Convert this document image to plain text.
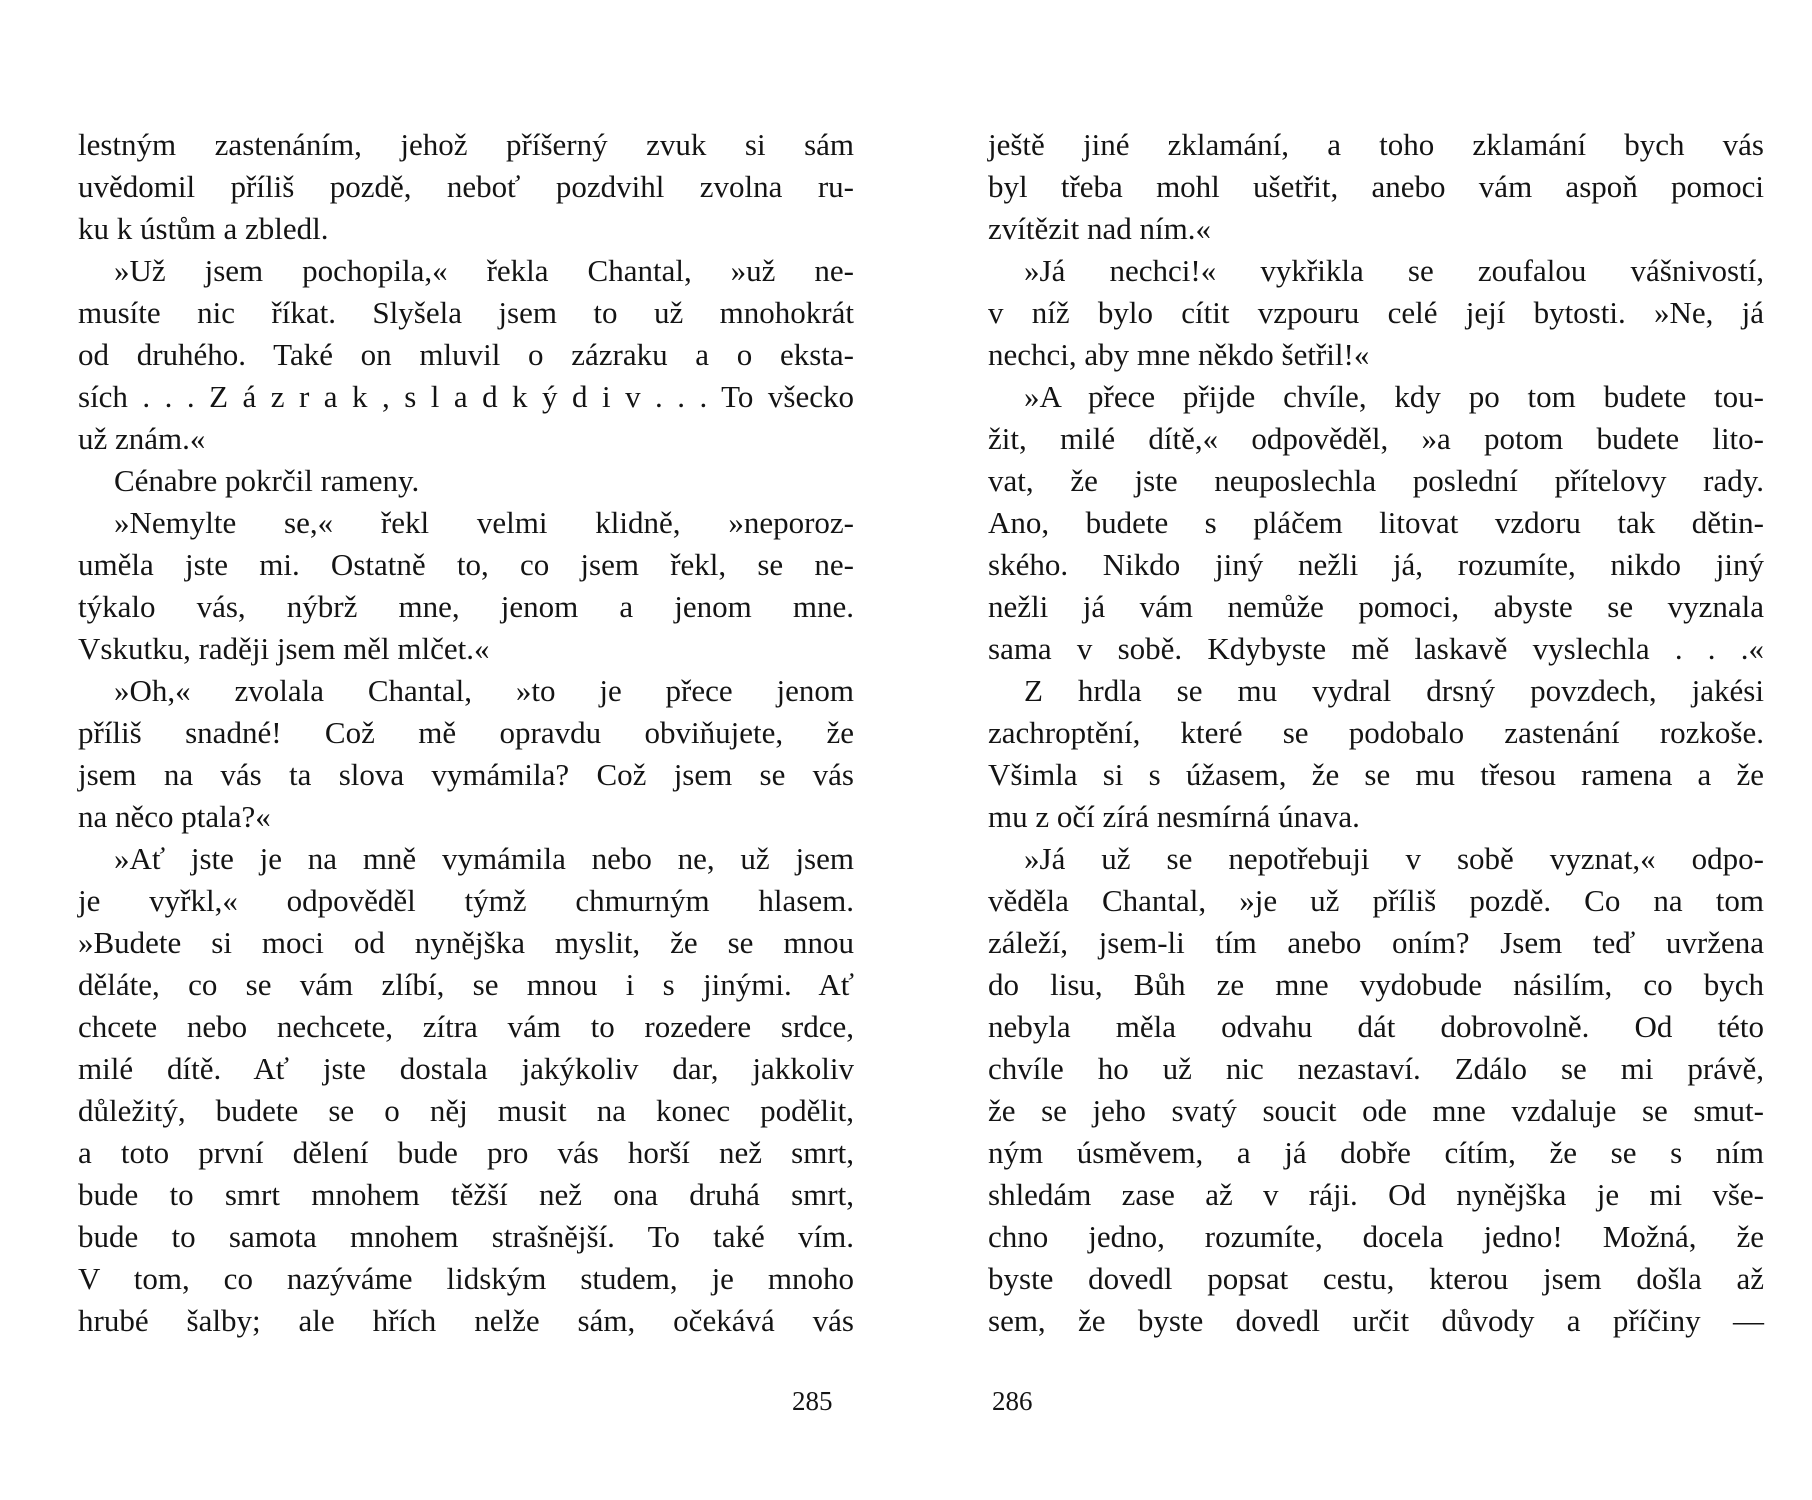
lestným zastenáním, jehož příšerný zvuk si sám
uvědomil příliš pozdě, neboť pozdvihl zvolna ru-
ku k ústům a zbledl.
»Už jsem pochopila,« řekla Chantal, »už ne-
musíte nic říkat. Slyšela jsem to už mnohokrát
od druhého. Také on mluvil o zázraku a o eksta-
sích . . . Z á z r a k , s l a d k ý d i v . . . To všecko
už znám.«
Cénabre pokrčil rameny.
»Nemylte se,« řekl velmi klidně, »neporoz-
uměla jste mi. Ostatně to, co jsem řekl, se ne-
týkalo vás, nýbrž mne, jenom a jenom mne.
Vskutku, raději jsem měl mlčet.«
»Oh,« zvolala Chantal, »to je přece jenom
příliš snadné! Což mě opravdu obviňujete, že
jsem na vás ta slova vymámila? Což jsem se vás
na něco ptala?«
»Ať jste je na mně vymámila nebo ne, už jsem
je vyřkl,« odpověděl týmž chmurným hlasem.
»Budete si moci od nynějška myslit, že se mnou
děláte, co se vám zlíbí, se mnou i s jinými. Ať
chcete nebo nechcete, zítra vám to rozedere srdce,
milé dítě. Ať jste dostala jakýkoliv dar, jakkoliv
důležitý, budete se o něj musit na konec podělit,
a toto první dělení bude pro vás horší než smrt,
bude to smrt mnohem těžší než ona druhá smrt,
bude to samota mnohem strašnější. To také vím.
V tom, co nazýváme lidským studem, je mnoho
hrubé šalby; ale hřích nelže sám, očekává vás
ještě jiné zklamání, a toho zklamání bych vás
byl třeba mohl ušetřit, anebo vám aspoň pomoci
zvítězit nad ním.«
»Já nechci!« vykřikla se zoufalou vášnivostí,
v níž bylo cítit vzpouru celé její bytosti. »Ne, já
nechci, aby mne někdo šetřil!«
»A přece přijde chvíle, kdy po tom budete tou-
žit, milé dítě,« odpověděl, »a potom budete lito-
vat, že jste neuposlechla poslední přítelovy rady.
Ano, budete s pláčem litovat vzdoru tak dětin-
ského. Nikdo jiný nežli já, rozumíte, nikdo jiný
nežli já vám nemůže pomoci, abyste se vyznala
sama v sobě. Kdybyste mě laskavě vyslechla . . .«
Z hrdla se mu vydral drsný povzdech, jakési
zachroptění, které se podobalo zastenání rozkoše.
Všimla si s úžasem, že se mu třesou ramena a že
mu z očí zírá nesmírná únava.
»Já už se nepotřebuji v sobě vyznat,« odpo-
věděla Chantal, »je už příliš pozdě. Co na tom
záleží, jsem-li tím anebo oním? Jsem teď uvržena
do lisu, Bůh ze mne vydobude násilím, co bych
nebyla měla odvahu dát dobrovolně. Od této
chvíle ho už nic nezastaví. Zdálo se mi právě,
že se jeho svatý soucit ode mne vzdaluje se smut-
ným úsměvem, a já dobře cítím, že se s ním
shledám zase až v ráji. Od nynějška je mi vše-
chno jedno, rozumíte, docela jedno! Možná, že
byste dovedl popsat cestu, kterou jsem došla až
sem, že byste dovedl určit důvody a příčiny —
285	286
